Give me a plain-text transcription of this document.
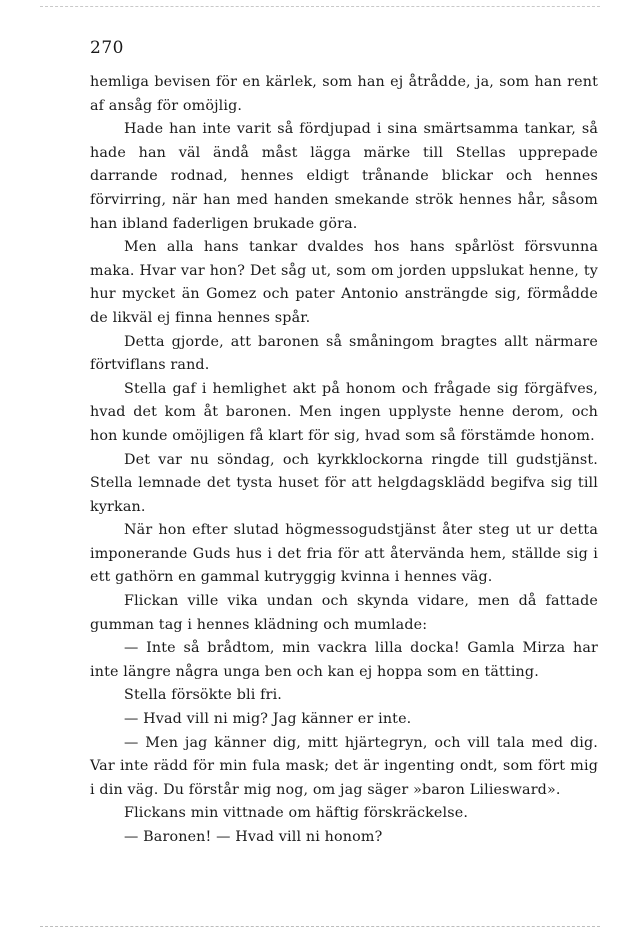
270

hemliga bevisen för en kärlek, som han ej åtrådde, ja, som han rent af ansåg för omöjlig.

Hade han inte varit så fördjupad i sina smärtsamma tankar, så hade han väl ändå måst lägga märke till Stellas upprepade darrande rodnad, hennes eldigt trånande blickar och hennes förvirring, när han med handen smekande strök hennes hår, såsom han ibland faderligen brukade göra.

Men alla hans tankar dvaldes hos hans spårlöst försvunna maka. Hvar var hon? Det såg ut, som om jorden uppslukat henne, ty hur mycket än Gomez och pater Antonio ansträngde sig, förmådde de likväl ej finna hennes spår.

Detta gjorde, att baronen så småningom bragtes allt närmare förtviflans rand.

Stella gaf i hemlighet akt på honom och frågade sig förgäfves, hvad det kom åt baronen. Men ingen upplyste henne derom, och hon kunde omöjligen få klart för sig, hvad som så förstämde honom.

Det var nu söndag, och kyrkklockorna ringde till gudstjänst. Stella lemnade det tysta huset för att helgdagsklädd begifva sig till kyrkan.

När hon efter slutad högmessogudstjänst åter steg ut ur detta imponerande Guds hus i det fria för att återvända hem, ställde sig i ett gathörn en gammal kutryggig kvinna i hennes väg.

Flickan ville vika undan och skynda vidare, men då fattade gumman tag i hennes klädning och mumlade:

— Inte så brådtom, min vackra lilla docka! Gamla Mirza har inte längre några unga ben och kan ej hoppa som en tätting.

Stella försökte bli fri.

— Hvad vill ni mig? Jag känner er inte.

— Men jag känner dig, mitt hjärtegryn, och vill tala med dig. Var inte rädd för min fula mask; det är ingenting ondt, som fört mig i din väg. Du förstår mig nog, om jag säger »baron Liliesward».

Flickans min vittnade om häftig förskräckelse.

— Baronen! — Hvad vill ni honom?
